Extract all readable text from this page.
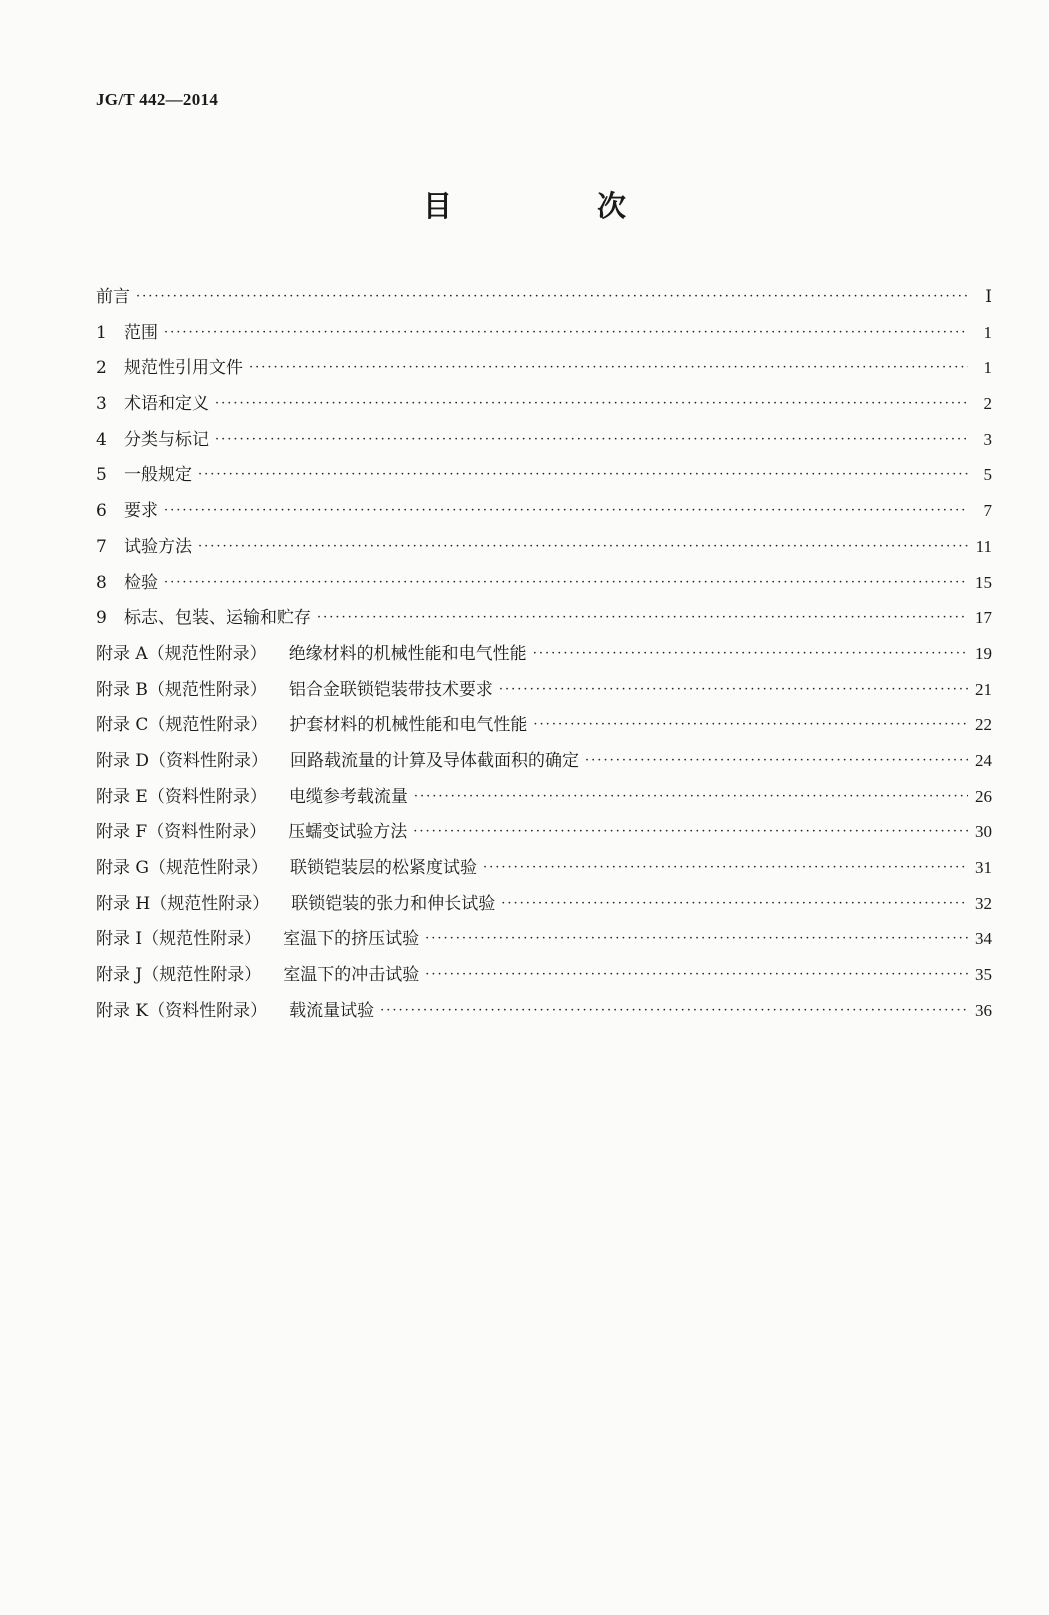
JG/T 442—2014
目　次
前言 ·····	Ⅰ
1 范围 ·····	1
2 规范性引用文件 ·····	1
3 术语和定义 ·····	2
4 分类与标记 ·····	3
5 一般规定 ·····	5
6 要求 ·····	7
7 试验方法 ·····	11
8 检验 ·····	15
9 标志、包装、运输和贮存 ·····	17
附录 A（规范性附录） 绝缘材料的机械性能和电气性能 ·····	19
附录 B（规范性附录） 铝合金联锁铠装带技术要求 ·····	21
附录 C（规范性附录） 护套材料的机械性能和电气性能 ·····	22
附录 D（资料性附录） 回路载流量的计算及导体截面积的确定 ·····	24
附录 E（资料性附录） 电缆参考载流量 ·····	26
附录 F（资料性附录） 压蠕变试验方法 ·····	30
附录 G（规范性附录） 联锁铠装层的松紧度试验 ·····	31
附录 H（规范性附录） 联锁铠装的张力和伸长试验 ·····	32
附录 I（规范性附录） 室温下的挤压试验 ·····	34
附录 J（规范性附录） 室温下的冲击试验 ·····	35
附录 K（资料性附录） 载流量试验 ·····	36
